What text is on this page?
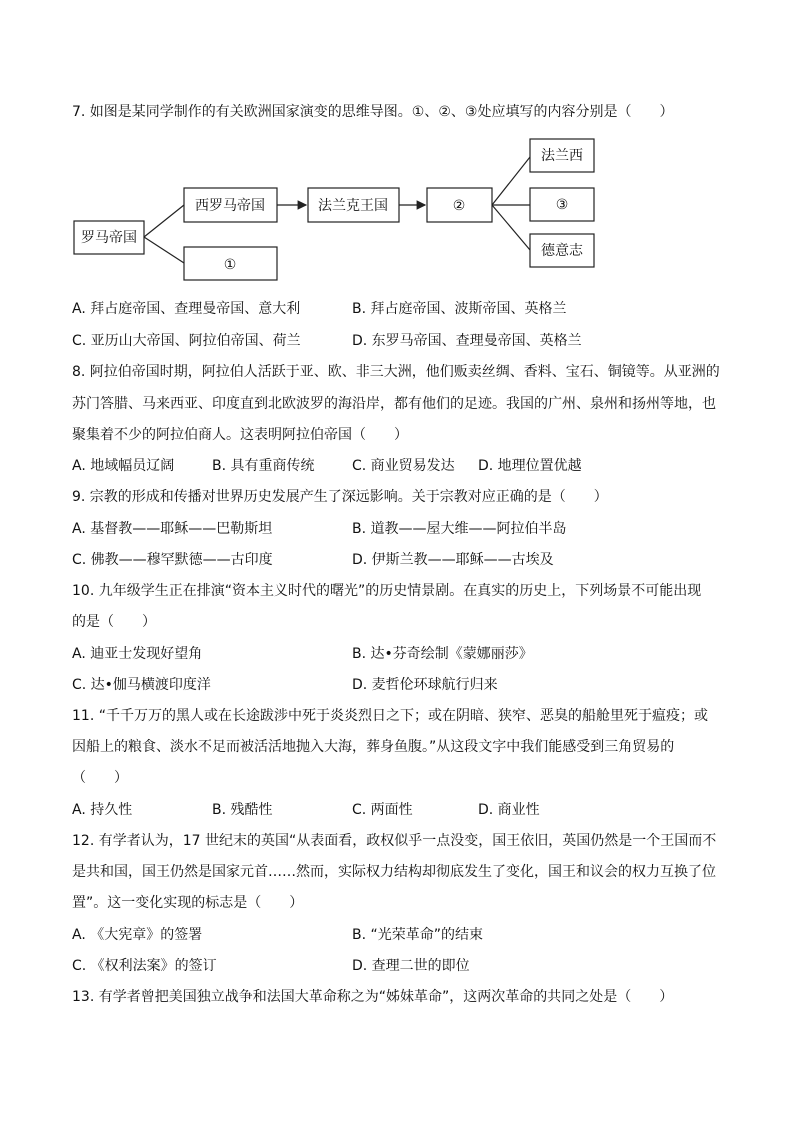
7. 如图是某同学制作的有关欧洲国家演变的思维导图。①、②、③处应填写的内容分别是（　　）
罗马帝国
西罗马帝国
①
法兰克王国	②
法兰西
③
德意志
A. 拜占庭帝国、查理曼帝国、意大利	B. 拜占庭帝国、波斯帝国、英格兰
C. 亚历山大帝国、阿拉伯帝国、荷兰	D. 东罗马帝国、查理曼帝国、英格兰
8. 阿拉伯帝国时期，阿拉伯人活跃于亚、欧、非三大洲，他们贩卖丝绸、香料、宝石、铜镜等。从亚洲的
苏门答腊、马来西亚、印度直到北欧波罗的海沿岸，都有他们的足迹。我国的广州、泉州和扬州等地，也
聚集着不少的阿拉伯商人。这表明阿拉伯帝国（　　）
A. 地域幅员辽阔	B. 具有重商传统	C. 商业贸易发达 D. 地理位置优越
9. 宗教的形成和传播对世界历史发展产生了深远影响。关于宗教对应正确的是（　　）
A. 基督教——耶稣——巴勒斯坦	B. 道教——屋大维——阿拉伯半岛
C. 佛教——穆罕默德——古印度	D. 伊斯兰教——耶稣——古埃及
10. 九年级学生正在排演“资本主义时代的曙光”的历史情景剧。在真实的历史上，下列场景不可能出现
的是（　　）
A. 迪亚士发现好望角	B. 达•芬奇绘制《蒙娜丽莎》
C. 达•伽马横渡印度洋	D. 麦哲伦环球航行归来
11. “千千万万的黑人或在长途跋涉中死于炎炎烈日之下；或在阴暗、狭窄、恶臭的船舱里死于瘟疫；或
因船上的粮食、淡水不足而被活活地抛入大海，葬身鱼腹。”从这段文字中我们能感受到三角贸易的
（　　）
A. 持久性	B. 残酷性	C. 两面性	D. 商业性
12. 有学者认为，17 世纪末的英国“从表面看，政权似乎一点没变，国王依旧，英国仍然是一个王国而不
是共和国，国王仍然是国家元首……然而，实际权力结构却彻底发生了变化，国王和议会的权力互换了位
置”。这一变化实现的标志是（　　）
A. 《大宪章》的签署	B. “光荣革命”的结束
C. 《权利法案》的签订	D. 查理二世的即位
13. 有学者曾把美国独立战争和法国大革命称之为“姊妹革命”，这两次革命的共同之处是（　　）
